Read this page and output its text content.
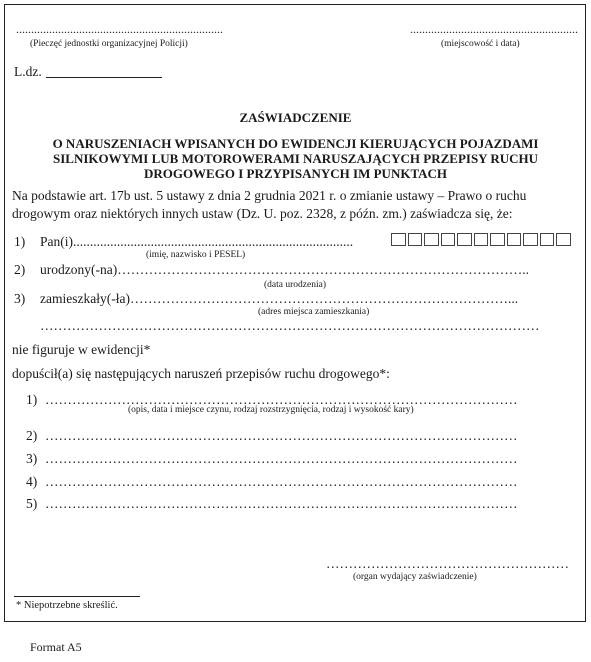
.....................................................................
(Pieczęć jednostki organizacyjnej Policji)
........................................................
(miejscowość i data)
L.dz.
ZAŚWIADCZENIE
O NARUSZENIACH WPISANYCH DO EWIDENCJI KIERUJĄCYCH POJAZDAMI
SILNIKOWYMI LUB MOTOROWERAMI NARUSZAJĄCYCH PRZEPISY RUCHU
DROGOWEGO I PRZYPISANYCH IM PUNKTACH
Na podstawie art. 17b ust. 5 ustawy z dnia 2 grudnia 2021 r. o zmianie ustawy – Prawo o ruchu
drogowym oraz niektórych innych ustaw (Dz. U. poz. 2328, z późn. zm.) zaświadcza się, że:
1) Pan(i)...................................................................................
(imię, nazwisko i PESEL)
2) urodzony(-na)………………………………………………………………………………..
(data urodzenia)
3) zamieszkały(-ła)…………………………………………………………………………...
(adres miejsca zamieszkania)
…………………………………………………………………………………………………
nie figuruje w ewidencji*
dopuścił(a) się następujących naruszeń przepisów ruchu drogowego*:
1) ……………………………………………………………………………………………
(opis, data i miejsce czynu, rodzaj rozstrzygnięcia, rodzaj i wysokość kary)
2) ……………………………………………………………………………………………
3) ……………………………………………………………………………………………
4) ……………………………………………………………………………………………
5) ……………………………………………………………………………………………
………………………………………………
(organ wydający zaświadczenie)
* Niepotrzebne skreślić.
Format A5
